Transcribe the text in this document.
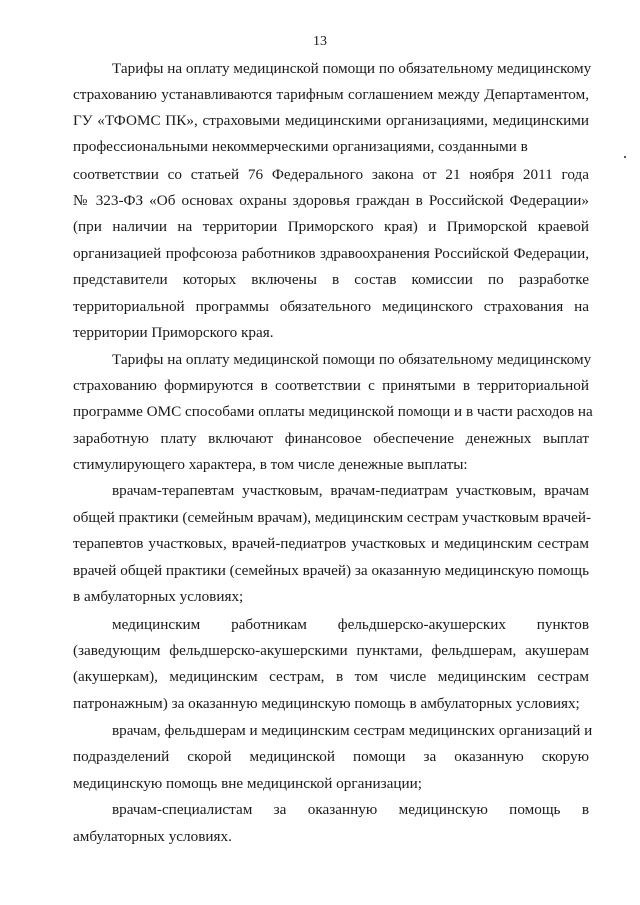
13
Тарифы на оплату медицинской помощи по обязательному медицинскому
страхованию устанавливаются тарифным соглашением между Департаментом,
ГУ «ТФОМС ПК», страховыми медицинскими организациями, медицинскими
профессиональными некоммерческими организациями, созданными в
соответствии со статьей 76 Федерального закона от 21 ноября 2011 года
№ 323-ФЗ «Об основах охраны здоровья граждан в Российской Федерации»
(при наличии на территории Приморского края) и Приморской краевой
организацией профсоюза работников здравоохранения Российской Федерации,
представители которых включены в состав комиссии по разработке
территориальной программы обязательного медицинского страхования на
территории Приморского края.
Тарифы на оплату медицинской помощи по обязательному медицинскому
страхованию формируются в соответствии с принятыми в территориальной
программе ОМС способами оплаты медицинской помощи и в части расходов на
заработную плату включают финансовое обеспечение денежных выплат
стимулирующего характера, в том числе денежные выплаты:
врачам-терапевтам участковым, врачам-педиатрам участковым, врачам
общей практики (семейным врачам), медицинским сестрам участковым врачей-
терапевтов участковых, врачей-педиатров участковых и медицинским сестрам
врачей общей практики (семейных врачей) за оказанную медицинскую помощь
в амбулаторных условиях;
медицинским работникам фельдшерско-акушерских пунктов
(заведующим фельдшерско-акушерскими пунктами, фельдшерам, акушерам
(акушеркам), медицинским сестрам, в том числе медицинским сестрам
патронажным) за оказанную медицинскую помощь в амбулаторных условиях;
врачам, фельдшерам и медицинским сестрам медицинских организаций и
подразделений скорой медицинской помощи за оказанную скорую
медицинскую помощь вне медицинской организации;
врачам-специалистам за оказанную медицинскую помощь в
амбулаторных условиях.
